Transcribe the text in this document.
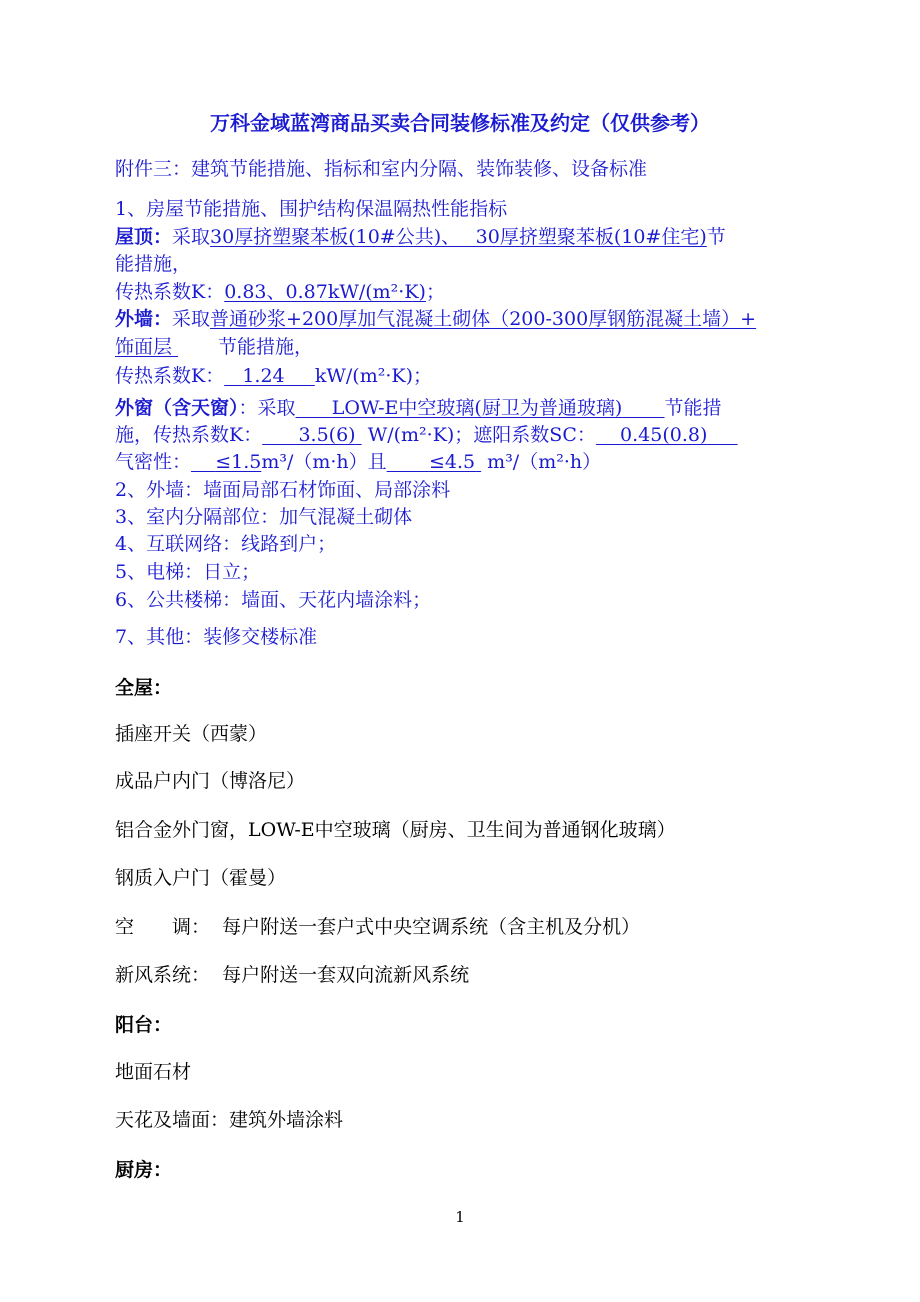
万科金域蓝湾商品买卖合同装修标准及约定（仅供参考）
附件三：建筑节能措施、指标和室内分隔、装饰装修、设备标准
1、房屋节能措施、围护结构保温隔热性能指标
屋顶：采取30厚挤塑聚苯板(10#公共)、　 30厚挤塑聚苯板(10#住宅)节
能措施，
传热系数K：0.83、0.87kW/(m²·K)；
外墙：采取普通砂浆+200厚加气混凝土砌体（200-300厚钢筋混凝土墙）+
饰面层 节能措施，
传热系数K： 1.24 kW/(m²·K)；
外窗（含天窗）：采取 LOW-E中空玻璃(厨卫为普通玻璃) 节能措
施，传热系数K： 3.5(6) W/(m²·K)；遮阳系数SC： 0.45(0.8)
气密性： ≤1.5m³/（m·h）且 ≤4.5 m³/（m²·h）
2、外墙：墙面局部石材饰面、局部涂料
3、室内分隔部位：加气混凝土砌体
4、互联网络：线路到户；
5、电梯：日立；
6、公共楼梯：墙面、天花内墙涂料；
7、其他：装修交楼标准
全屋：
插座开关（西蒙）
成品户内门（博洛尼）
铝合金外门窗，LOW-E中空玻璃（厨房、卫生间为普通钢化玻璃）
钢质入户门（霍曼）
空　　调： 每户附送一套户式中央空调系统（含主机及分机）
新风系统： 每户附送一套双向流新风系统
阳台：
地面石材
天花及墙面：建筑外墙涂料
厨房：
1
